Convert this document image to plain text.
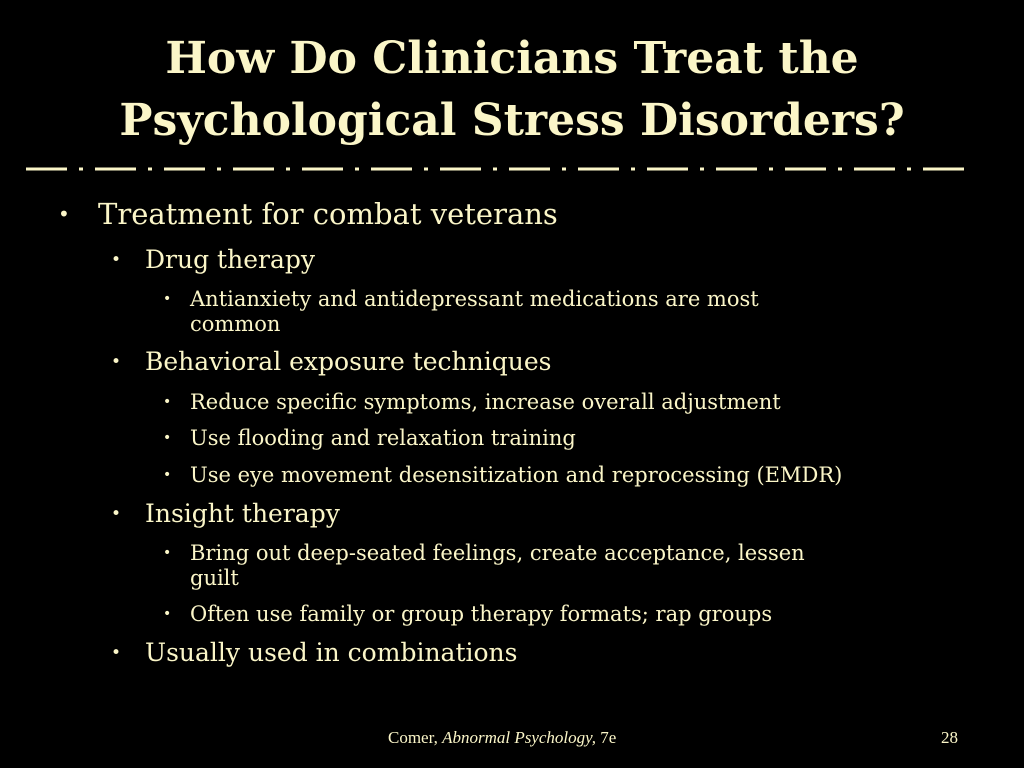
How Do Clinicians Treat the
Psychological Stress Disorders?
• Treatment for combat veterans
• Drug therapy
• Antianxiety and antidepressant medications are most
common
• Behavioral exposure techniques
• Reduce specific symptoms, increase overall adjustment
• Use flooding and relaxation training
• Use eye movement desensitization and reprocessing (EMDR)
• Insight therapy
• Bring out deep-seated feelings, create acceptance, lessen
guilt
• Often use family or group therapy formats; rap groups
• Usually used in combinations
Comer, Abnormal Psychology, 7e	28
